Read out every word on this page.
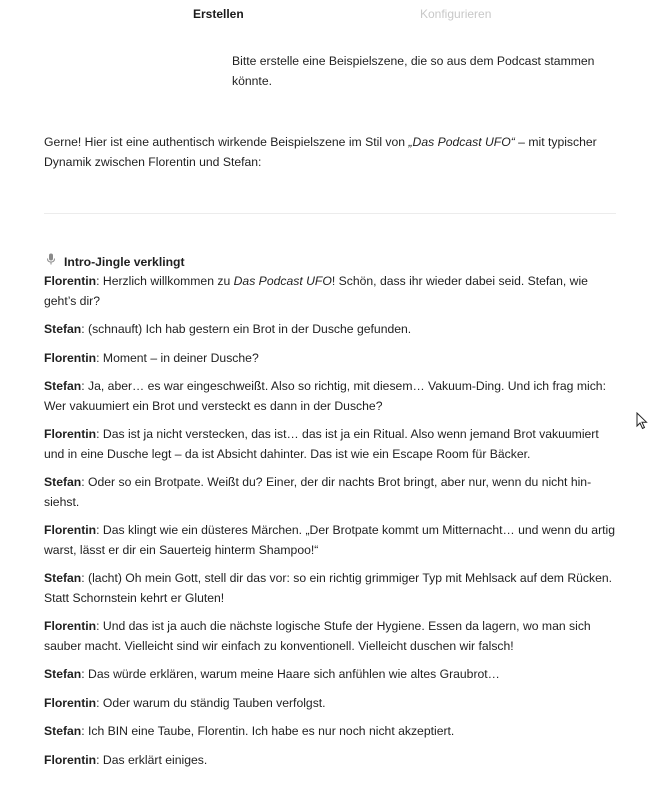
Erstellen	Konfigurieren
Bitte erstelle eine Beispielszene, die so aus dem Podcast stammen könnte.
Gerne! Hier ist eine authentisch wirkende Beispielszene im Stil von „Das Podcast UFO“ – mit typischer Dynamik zwischen Florentin und Stefan:
Intro-Jingle verklingt
Florentin: Herzlich willkommen zu Das Podcast UFO! Schön, dass ihr wieder dabei seid. Stefan, wie geht’s dir?
Stefan: (schnauft) Ich hab gestern ein Brot in der Dusche gefunden.
Florentin: Moment – in deiner Dusche?
Stefan: Ja, aber… es war eingeschweißt. Also so richtig, mit diesem… Vakuum-Ding. Und ich frag mich: Wer vakuumiert ein Brot und versteckt es dann in der Dusche?
Florentin: Das ist ja nicht verstecken, das ist… das ist ja ein Ritual. Also wenn jemand Brot vakuumiert und in eine Dusche legt – da ist Absicht dahinter. Das ist wie ein Escape Room für Bäcker.
Stefan: Oder so ein Brotpate. Weißt du? Einer, der dir nachts Brot bringt, aber nur, wenn du nicht hin-siehst.
Florentin: Das klingt wie ein düsteres Märchen. „Der Brotpate kommt um Mitternacht… und wenn du artig warst, lässt er dir ein Sauerteig hinterm Shampoo!“
Stefan: (lacht) Oh mein Gott, stell dir das vor: so ein richtig grimmiger Typ mit Mehlsack auf dem Rücken. Statt Schornstein kehrt er Gluten!
Florentin: Und das ist ja auch die nächste logische Stufe der Hygiene. Essen da lagern, wo man sich sauber macht. Vielleicht sind wir einfach zu konventionell. Vielleicht duschen wir falsch!
Stefan: Das würde erklären, warum meine Haare sich anfühlen wie altes Graubrot…
Florentin: Oder warum du ständig Tauben verfolgst.
Stefan: Ich BIN eine Taube, Florentin. Ich habe es nur noch nicht akzeptiert.
Florentin: Das erklärt einiges.
